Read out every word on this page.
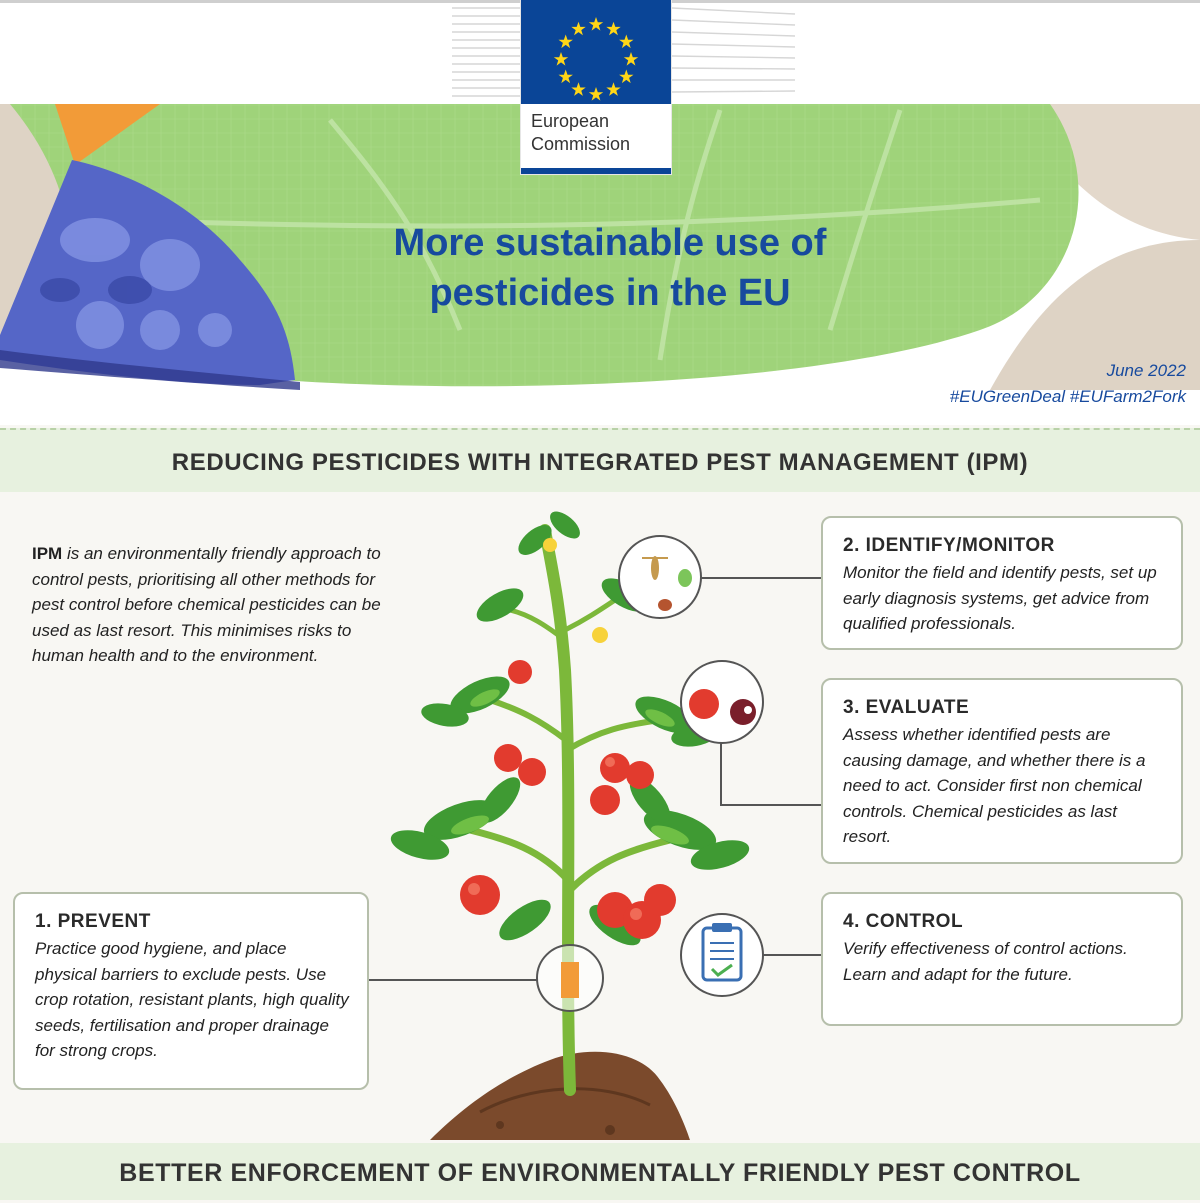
European
Commission
More sustainable use of
pesticides in the EU
June 2022
#EUGreenDeal #EUFarm2Fork
REDUCING PESTICIDES WITH INTEGRATED PEST MANAGEMENT (IPM)
IPM is an environmentally friendly approach to control pests, prioritising all other methods for pest control before chemical pesticides can be used as last resort. This minimises risks to human health and to the environment.
2. IDENTIFY/MONITOR
Monitor the field and identify pests, set up early diagnosis systems, get advice from qualified professionals.
3. EVALUATE
Assess whether identified pests are causing damage, and whether there is a need to act. Consider first non chemical controls. Chemical pesticides as last resort.
4. CONTROL
Verify effectiveness of control actions. Learn and adapt for the future.
1. PREVENT
Practice good hygiene, and place physical barriers to exclude pests. Use crop rotation, resistant plants, high quality seeds, fertilisation and proper drainage for strong crops.
BETTER ENFORCEMENT OF ENVIRONMENTALLY FRIENDLY PEST CONTROL
